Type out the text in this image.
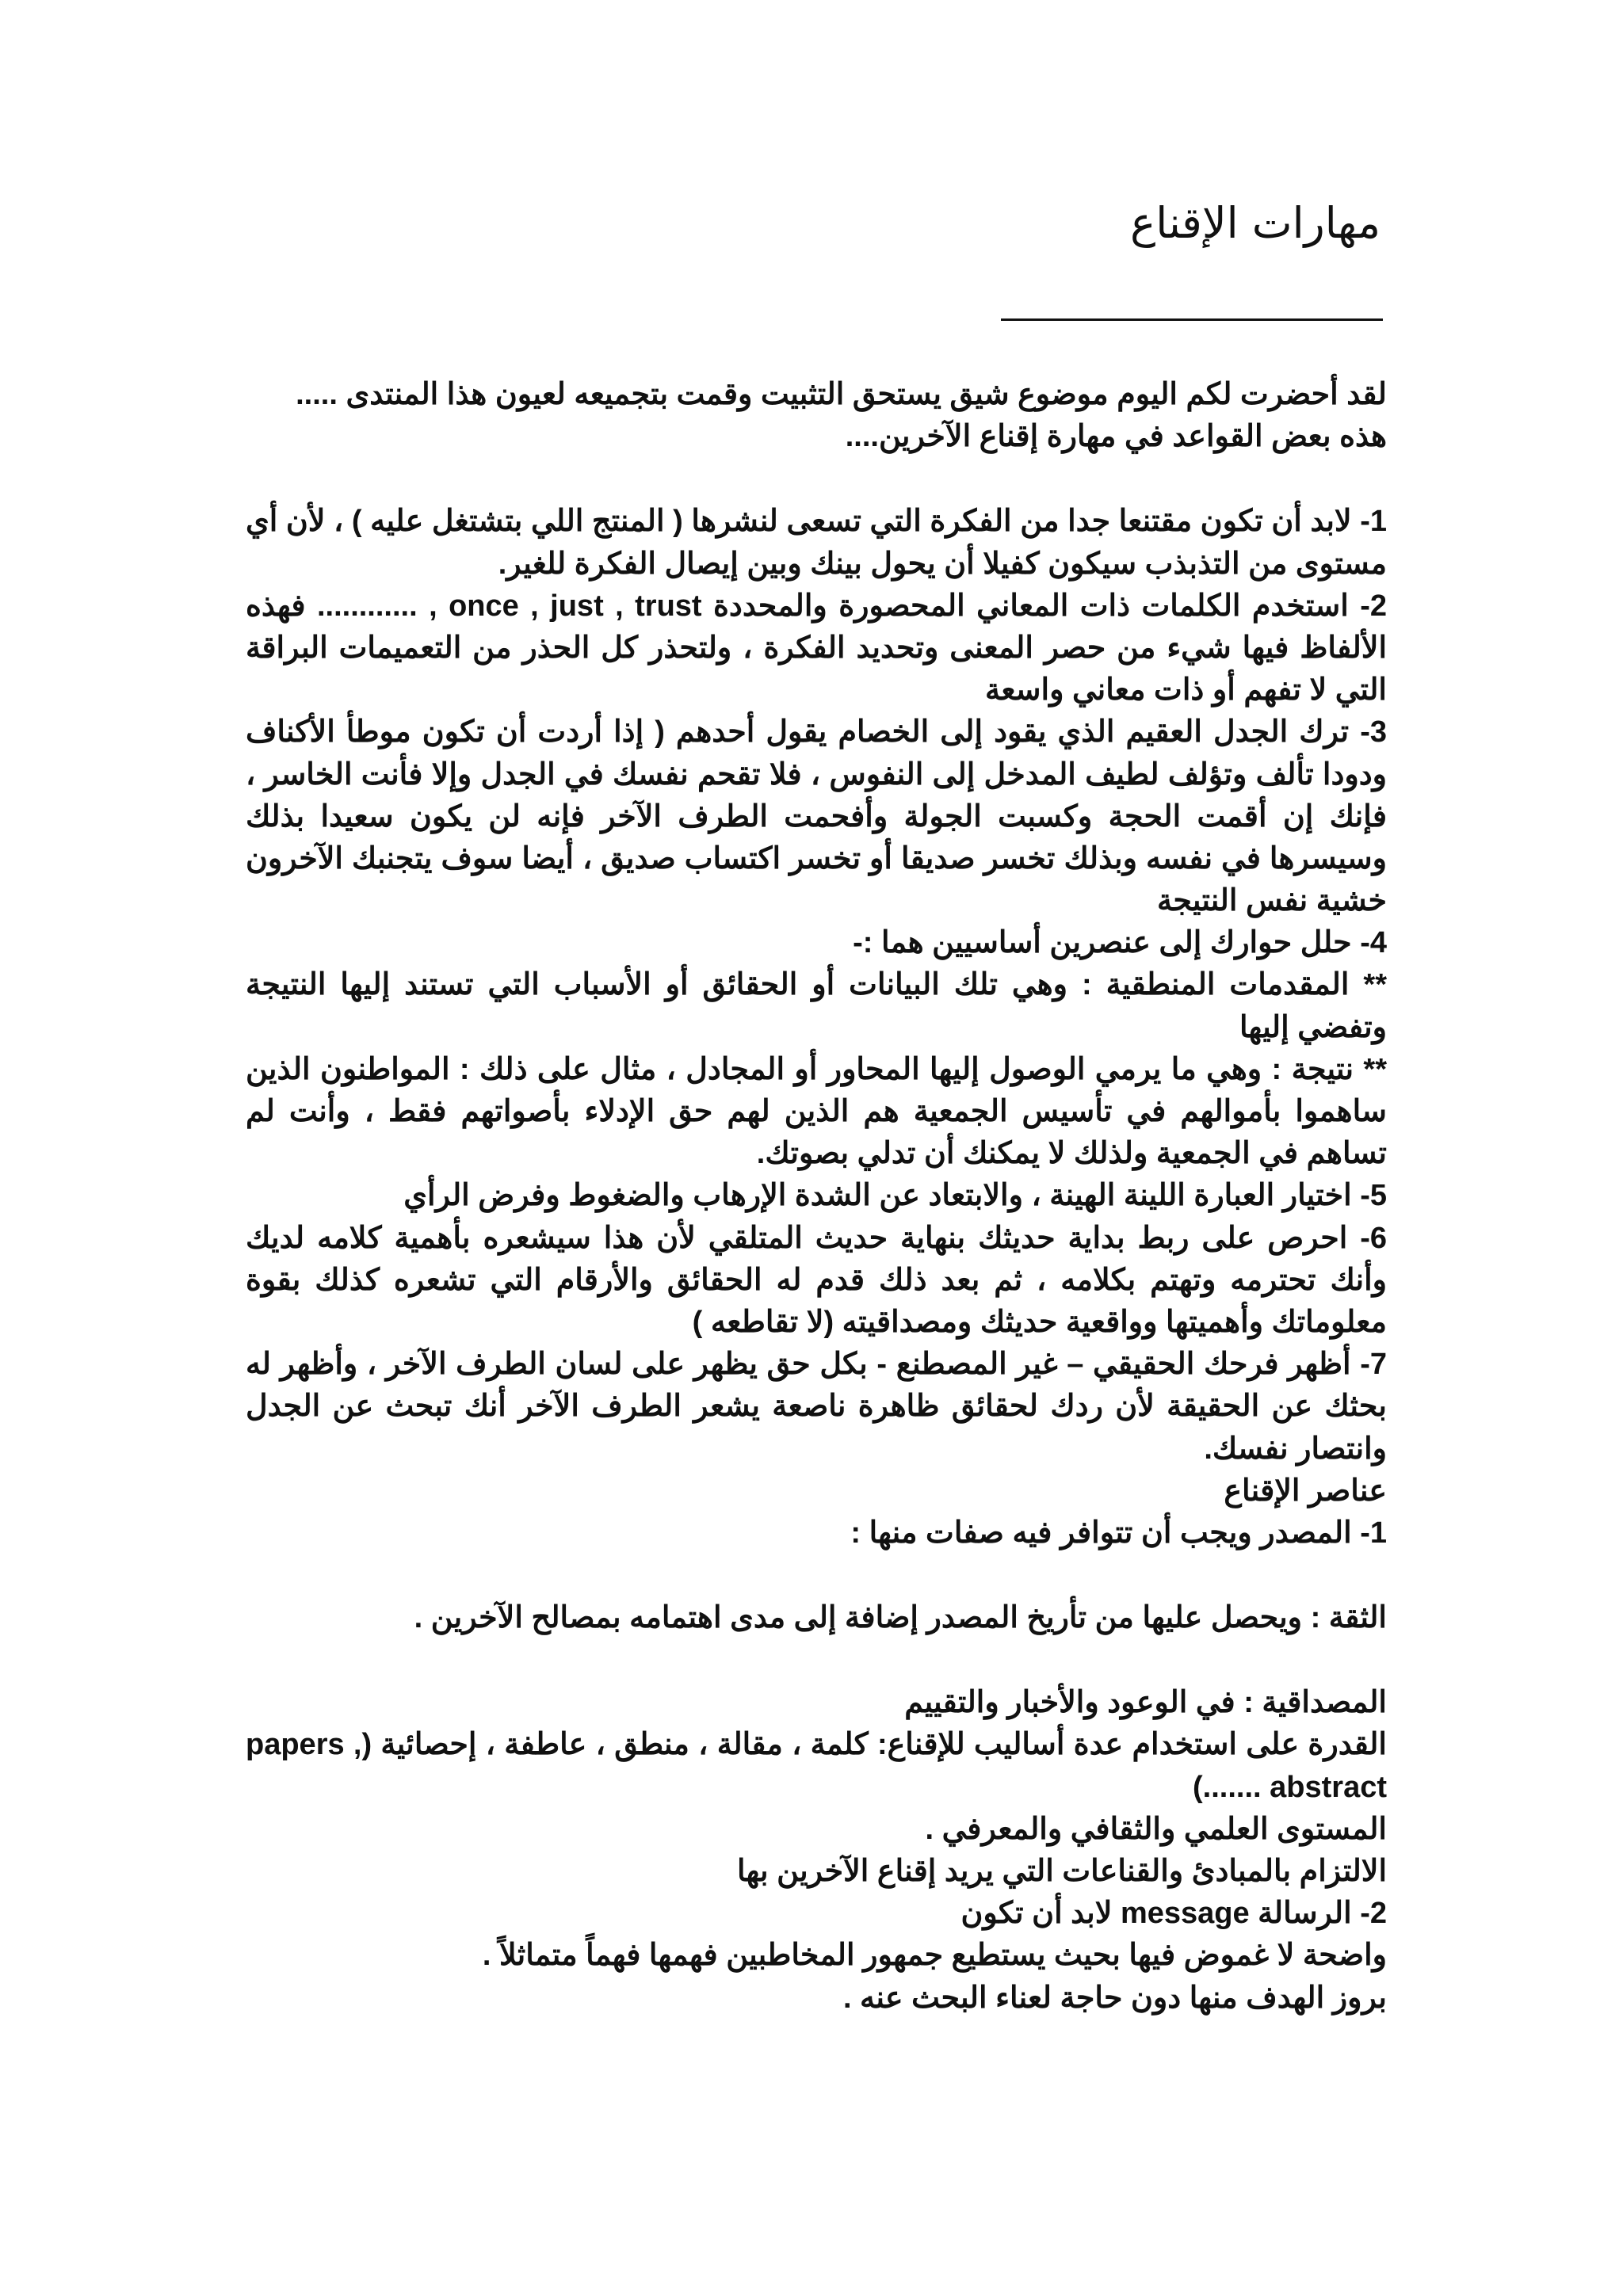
مهارات الإقناع

لقد أحضرت لكم اليوم موضوع شيق يستحق التثبيت وقمت بتجميعه لعيون هذا المنتدى .....

هذه بعض القواعد في مهارة إقناع الآخرين....

1- لابد أن تكون مقتنعا جدا من الفكرة التي تسعى لنشرها ( المنتج اللي بتشتغل عليه ) ، لأن أي مستوى من التذبذب سيكون كفيلا أن يحول بينك وبين إيصال الفكرة للغير.

2- استخدم الكلمات ذات المعاني المحصورة والمحددة once , just , trust , ............ فهذه الألفاظ فيها شيء من حصر المعنى وتحديد الفكرة ، ولتحذر كل الحذر من التعميمات البراقة التي لا تفهم أو ذات معاني واسعة

3- ترك الجدل العقيم الذي يقود إلى الخصام يقول أحدهم ( إذا أردت أن تكون موطأ الأكناف ودودا تألف وتؤلف لطيف المدخل إلى النفوس ، فلا تقحم نفسك في الجدل وإلا فأنت الخاسر ، فإنك إن أقمت الحجة وكسبت الجولة وأفحمت الطرف الآخر فإنه لن يكون سعيدا بذلك وسيسرها في نفسه وبذلك تخسر صديقا أو تخسر اكتساب صديق ، أيضا سوف يتجنبك الآخرون خشية نفس النتيجة

4- حلل حوارك إلى عنصرين أساسيين هما :-

** المقدمات المنطقية : وهي تلك البيانات أو الحقائق أو الأسباب التي تستند إليها النتيجة وتفضي إليها

** نتيجة : وهي ما يرمي الوصول إليها المحاور أو المجادل ، مثال على ذلك : المواطنون الذين ساهموا بأموالهم في تأسيس الجمعية هم الذين لهم حق الإدلاء بأصواتهم فقط ، وأنت لم تساهم في الجمعية ولذلك لا يمكنك أن تدلي بصوتك.

5- اختيار العبارة اللينة الهينة ، والابتعاد عن الشدة الإرهاب والضغوط وفرض الرأي

6- احرص على ربط بداية حديثك بنهاية حديث المتلقي لأن هذا سيشعره بأهمية كلامه لديك وأنك تحترمه وتهتم بكلامه ، ثم بعد ذلك قدم له الحقائق والأرقام التي تشعره كذلك بقوة معلوماتك وأهميتها وواقعية حديثك ومصداقيته (لا تقاطعه )

7- أظهر فرحك الحقيقي – غير المصطنع - بكل حق يظهر على لسان الطرف الآخر ، وأظهر له بحثك عن الحقيقة لأن ردك لحقائق ظاهرة ناصعة يشعر الطرف الآخر أنك تبحث عن الجدل وانتصار نفسك.

عناصر الإقناع

1- المصدر ويجب أن تتوافر فيه صفات منها :

الثقة : ويحصل عليها من تأريخ المصدر إضافة إلى مدى اهتمامه بمصالح الآخرين .

المصداقية : في الوعود والأخبار والتقييم

القدرة على استخدام عدة أساليب للإقناع: كلمة ، مقالة ، منطق ، عاطفة ، إحصائية (papers , abstract .......)

المستوى العلمي والثقافي والمعرفي .

الالتزام بالمبادئ والقناعات التي يريد إقناع الآخرين بها

2- الرسالة message لابد أن تكون

واضحة لا غموض فيها بحيث يستطيع جمهور المخاطبين فهمها فهماً متماثلاً .

بروز الهدف منها دون حاجة لعناء البحث عنه .
